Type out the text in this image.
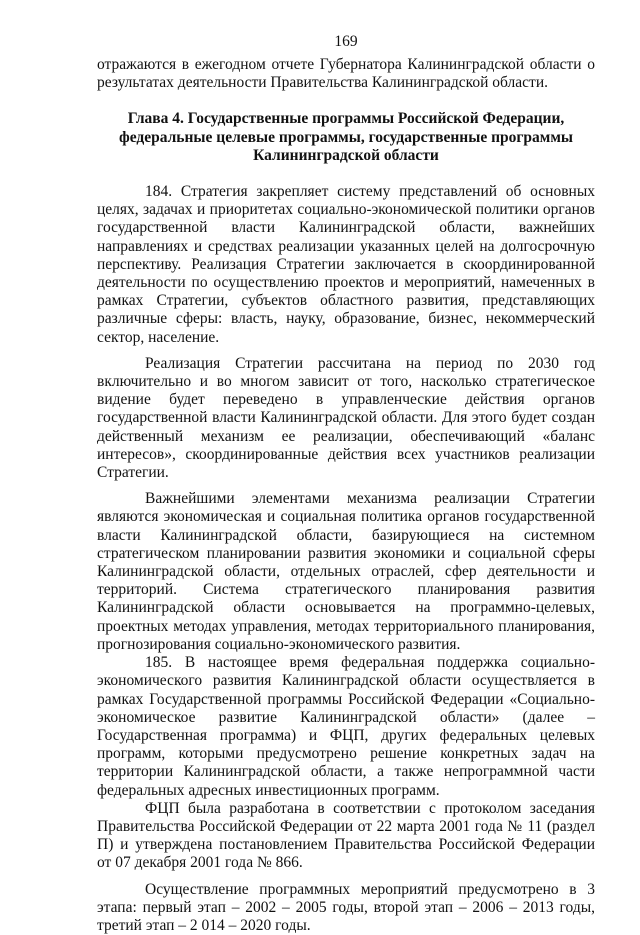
169

отражаются в ежегодном отчете Губернатора Калининградской области о результатах деятельности Правительства Калининградской области.

Глава 4. Государственные программы Российской Федерации,
федеральные целевые программы, государственные программы
Калининградской области

184. Стратегия закрепляет систему представлений об основных целях, задачах и приоритетах социально-экономической политики органов государственной власти Калининградской области, важнейших направлениях и средствах реализации указанных целей на долгосрочную перспективу. Реализация Стратегии заключается в скоординированной деятельности по осуществлению проектов и мероприятий, намеченных в рамках Стратегии, субъектов областного развития, представляющих различные сферы: власть, науку, образование, бизнес, некоммерческий сектор, население.

Реализация Стратегии рассчитана на период по 2030 год включительно и во многом зависит от того, насколько стратегическое видение будет переведено в управленческие действия органов государственной власти Калининградской области. Для этого будет создан действенный механизм ее реализации, обеспечивающий «баланс интересов», скоординированные действия всех участников реализации Стратегии.

Важнейшими элементами механизма реализации Стратегии являются экономическая и социальная политика органов государственной власти Калининградской области, базирующиеся на системном стратегическом планировании развития экономики и социальной сферы Калининградской области, отдельных отраслей, сфер деятельности и территорий. Система стратегического планирования развития Калининградской области основывается на программно-целевых, проектных методах управления, методах территориального планирования, прогнозирования социально-экономического развития.

185. В настоящее время федеральная поддержка социально-экономического развития Калининградской области осуществляется в рамках Государственной программы Российской Федерации «Социально-экономическое развитие Калининградской области» (далее – Государственная программа) и ФЦП, других федеральных целевых программ, которыми предусмотрено решение конкретных задач на территории Калининградской области, а также непрограммной части федеральных адресных инвестиционных программ.

ФЦП была разработана в соответствии с протоколом заседания Правительства Российской Федерации от 22 марта 2001 года № 11 (раздел П) и утверждена постановлением Правительства Российской Федерации от 07 декабря 2001 года № 866.

Осуществление программных мероприятий предусмотрено в 3 этапа: первый этап – 2002 – 2005 годы, второй этап – 2006 – 2013 годы, третий этап – 2 014 – 2020 годы.
